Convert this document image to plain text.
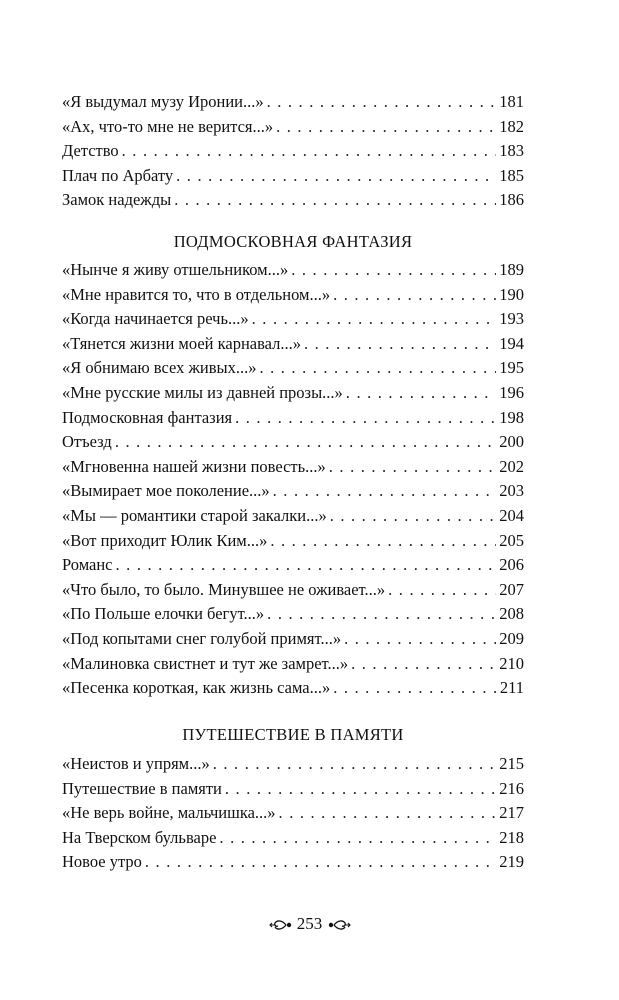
«Я выдумал музу Иронии...» . . .	181
«Ах, что-то мне не верится...» . . .	182
Детство . . .	183
Плач по Арбату . . .	185
Замок надежды . . .	186
ПОДМОСКОВНАЯ ФАНТАЗИЯ
«Нынче я живу отшельником...» . . .	189
«Мне нравится то, что в отдельном...» . . .	190
«Когда начинается речь...» . . .	193
«Тянется жизни моей карнавал...» . . .	194
«Я обнимаю всех живых...» . . .	195
«Мне русские милы из давней прозы...» . . .	196
Подмосковная фантазия . . .	198
Отъезд . . .	200
«Мгновенна нашей жизни повесть...» . . .	202
«Вымирает мое поколение...» . . .	203
«Мы — романтики старой закалки...» . . .	204
«Вот приходит Юлик Ким...» . . .	205
Романс . . .	206
«Что было, то было. Минувшее не оживает...» . . .	207
«По Польше елочки бегут...» . . .	208
«Под копытами снег голубой примят...» . . .	209
«Малиновка свистнет и тут же замрет...» . . .	210
«Песенка короткая, как жизнь сама...» . . .	211
ПУТЕШЕСТВИЕ В ПАМЯТИ
«Неистов и упрям...» . . .	215
Путешествие в памяти . . .	216
«Не верь войне, мальчишка...» . . .	217
На Тверском бульваре . . .	218
Новое утро . . .	219
253
